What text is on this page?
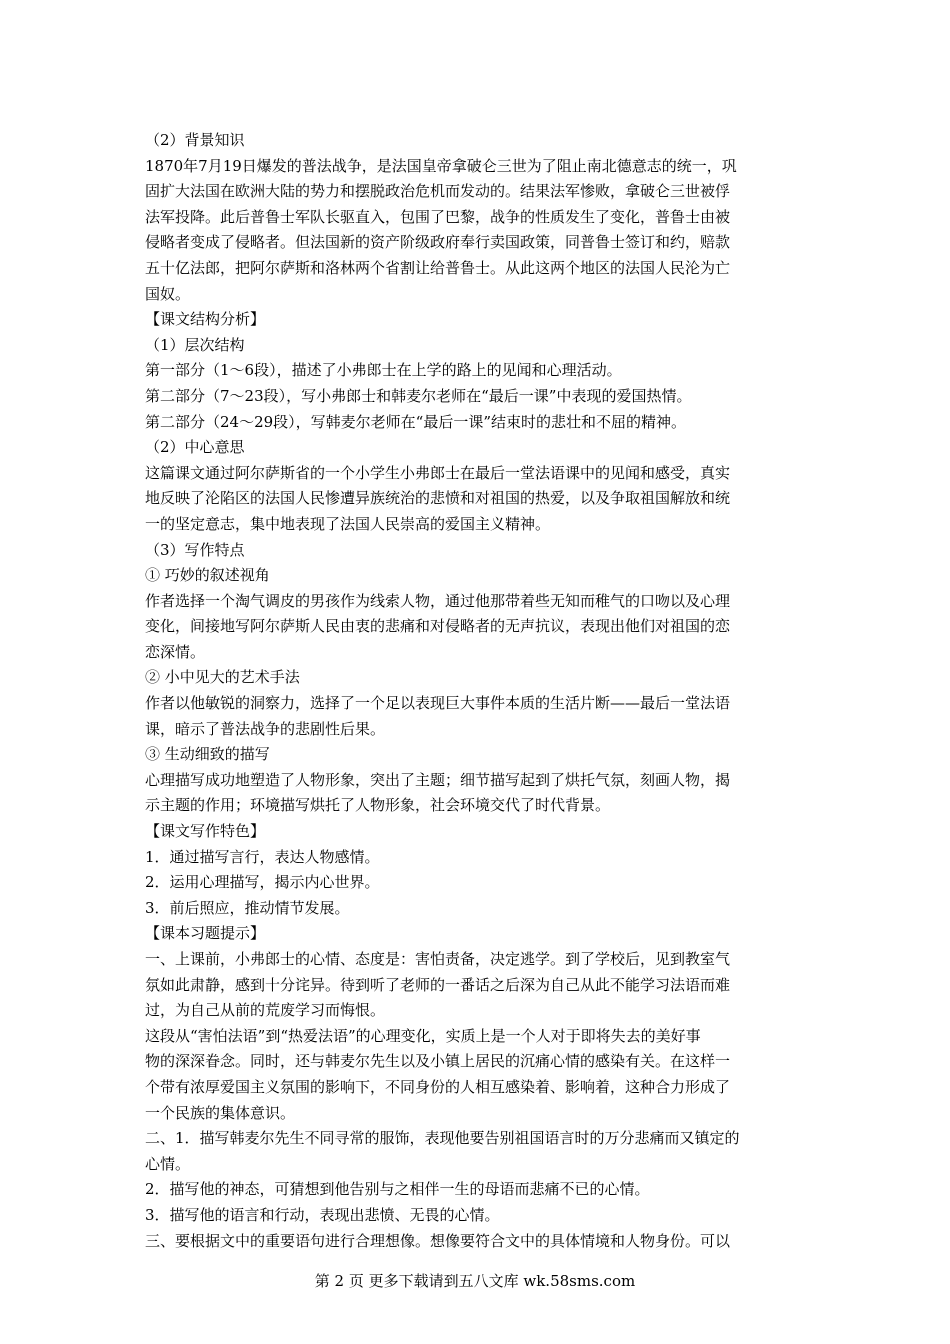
（2）背景知识

1870年7月19日爆发的普法战争，是法国皇帝拿破仑三世为了阻止南北德意志的统一，巩

固扩大法国在欧洲大陆的势力和摆脱政治危机而发动的。结果法军惨败，拿破仑三世被俘

法军投降。此后普鲁士军队长驱直入，包围了巴黎，战争的性质发生了变化，普鲁士由被

侵略者变成了侵略者。但法国新的资产阶级政府奉行卖国政策，同普鲁士签订和约，赔款

五十亿法郎，把阿尔萨斯和洛林两个省割让给普鲁士。从此这两个地区的法国人民沦为亡

国奴。

【课文结构分析】

（1）层次结构

第一部分（1～6段），描述了小弗郎士在上学的路上的见闻和心理活动。

第二部分（7～23段），写小弗郎士和韩麦尔老师在“最后一课”中表现的爱国热情。

第二部分（24～29段），写韩麦尔老师在“最后一课”结束时的悲壮和不屈的精神。

（2）中心意思

这篇课文通过阿尔萨斯省的一个小学生小弗郎士在最后一堂法语课中的见闻和感受，真实

地反映了沦陷区的法国人民惨遭异族统治的悲愤和对祖国的热爱，以及争取祖国解放和统

一的坚定意志，集中地表现了法国人民崇高的爱国主义精神。

（3）写作特点

① 巧妙的叙述视角

作者选择一个淘气调皮的男孩作为线索人物，通过他那带着些无知而稚气的口吻以及心理

变化，间接地写阿尔萨斯人民由衷的悲痛和对侵略者的无声抗议，表现出他们对祖国的恋

恋深情。

② 小中见大的艺术手法

作者以他敏锐的洞察力，选择了一个足以表现巨大事件本质的生活片断——最后一堂法语

课，暗示了普法战争的悲剧性后果。

③ 生动细致的描写

心理描写成功地塑造了人物形象，突出了主题；细节描写起到了烘托气氛，刻画人物，揭

示主题的作用；环境描写烘托了人物形象，社会环境交代了时代背景。

【课文写作特色】

1．通过描写言行，表达人物感情。

2．运用心理描写，揭示内心世界。

3．前后照应，推动情节发展。

【课本习题提示】

一、上课前，小弗郎士的心情、态度是：害怕责备，决定逃学。到了学校后，见到教室气

氛如此肃静，感到十分诧异。待到听了老师的一番话之后深为自己从此不能学习法语而难

过，为自己从前的荒废学习而悔恨。

这段从“害怕法语”到“热爱法语”的心理变化，实质上是一个人对于即将失去的美好事

物的深深眷念。同时，还与韩麦尔先生以及小镇上居民的沉痛心情的感染有关。在这样一

个带有浓厚爱国主义氛围的影响下，不同身份的人相互感染着、影响着，这种合力形成了

一个民族的集体意识。

二、1．描写韩麦尔先生不同寻常的服饰，表现他要告别祖国语言时的万分悲痛而又镇定的

心情。

2．描写他的神态，可猜想到他告别与之相伴一生的母语而悲痛不已的心情。

3．描写他的语言和行动，表现出悲愤、无畏的心情。

三、要根据文中的重要语句进行合理想像。想像要符合文中的具体情境和人物身份。可以

第 2 页 更多下载请到五八文库 wk.58sms.com
